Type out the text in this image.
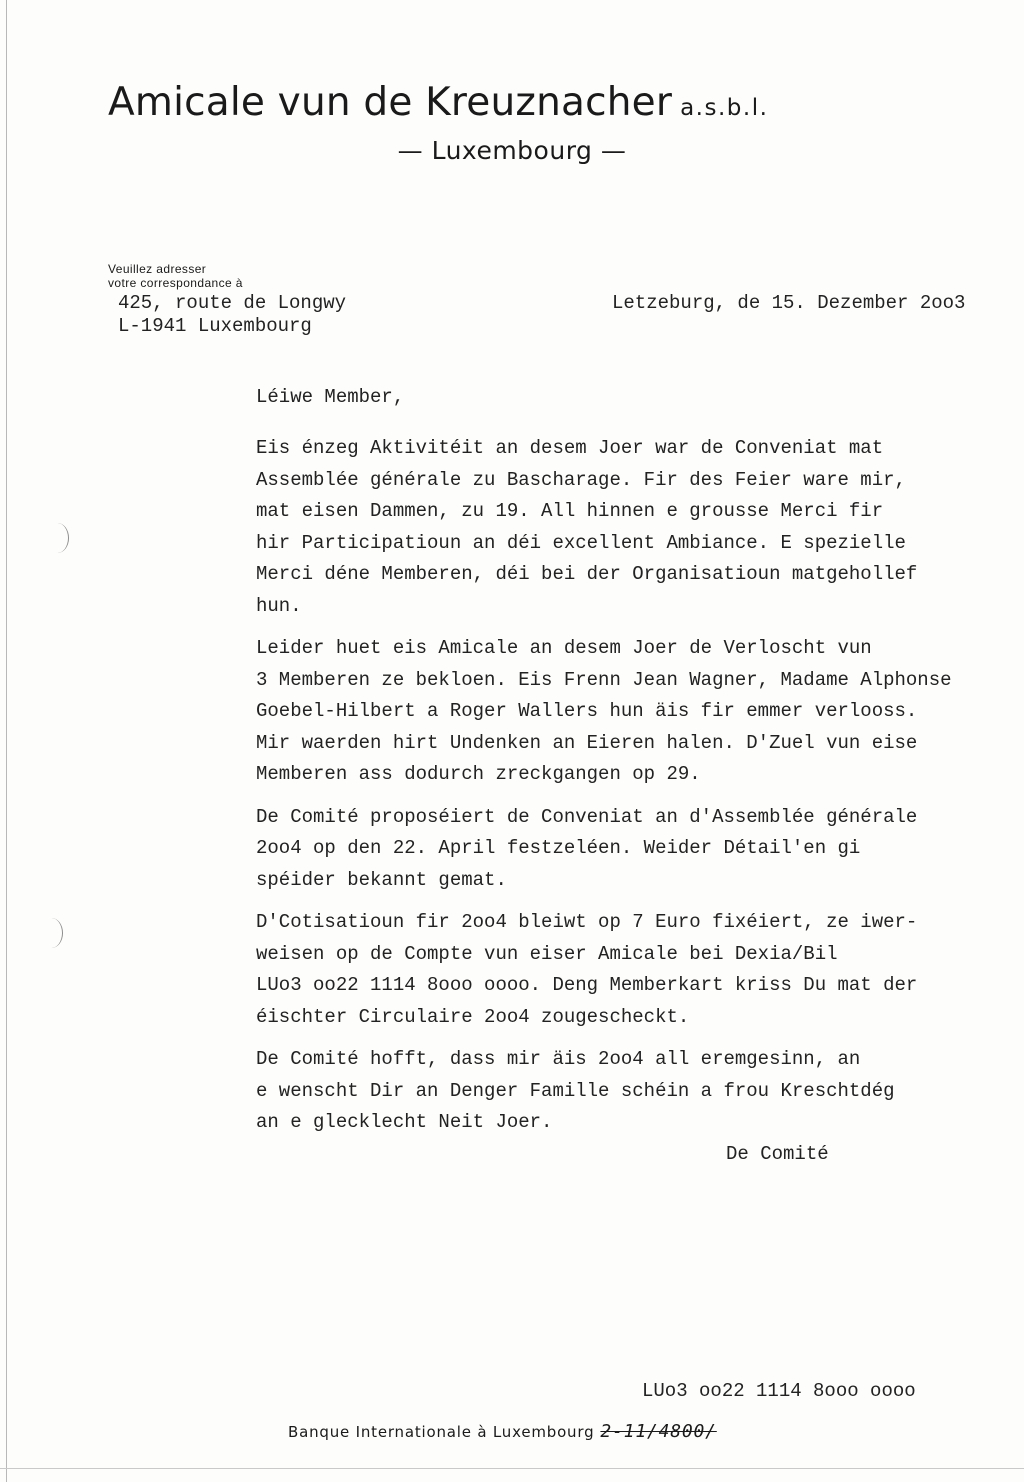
Amicale vun de Kreuznacher a.s.b.l.
— Luxembourg —
Veuillez adresser
votre correspondance à
425, route de Longwy
L-1941 Luxembourg
Letzeburg, de 15. Dezember 2oo3
Léiwe Member,
Eis énzeg Aktivitéit an desem Joer war de Conveniat mat
Assemblée générale zu Bascharage. Fir des Feier ware mir,
mat eisen Dammen, zu 19. All hinnen e grousse Merci fir
hir Participatioun an déi excellent Ambiance. E spezielle
Merci déne Memberen, déi bei der Organisatioun matgehollef
hun.
Leider huet eis Amicale an desem Joer de Verloscht vun
3 Memberen ze bekloen. Eis Frenn Jean Wagner, Madame Alphonse
Goebel-Hilbert a Roger Wallers hun äis fir emmer verlooss.
Mir waerden hirt Undenken an Eieren halen. D'Zuel vun eise
Memberen ass dodurch zreckgangen op 29.
De Comité proposéiert de Conveniat an d'Assemblée générale
2oo4 op den 22. April festzeléen. Weider Détail'en gi
spéider bekannt gemat.
D'Cotisatioun fir 2oo4 bleiwt op 7 Euro fixéiert, ze iwer-
weisen op de Compte vun eiser Amicale bei Dexia/Bil
LUo3 oo22 1114 8ooo oooo. Deng Memberkart kriss Du mat der
éischter Circulaire 2oo4 zougescheckt.
De Comité hofft, dass mir äis 2oo4 all eremgesinn, an
e wenscht Dir an Denger Famille schéin a frou Kreschtdég
an e glecklecht Neit Joer.
De Comité
LUo3 oo22 1114 8ooo oooo
Banque Internationale à Luxembourg 2-11/4800/
